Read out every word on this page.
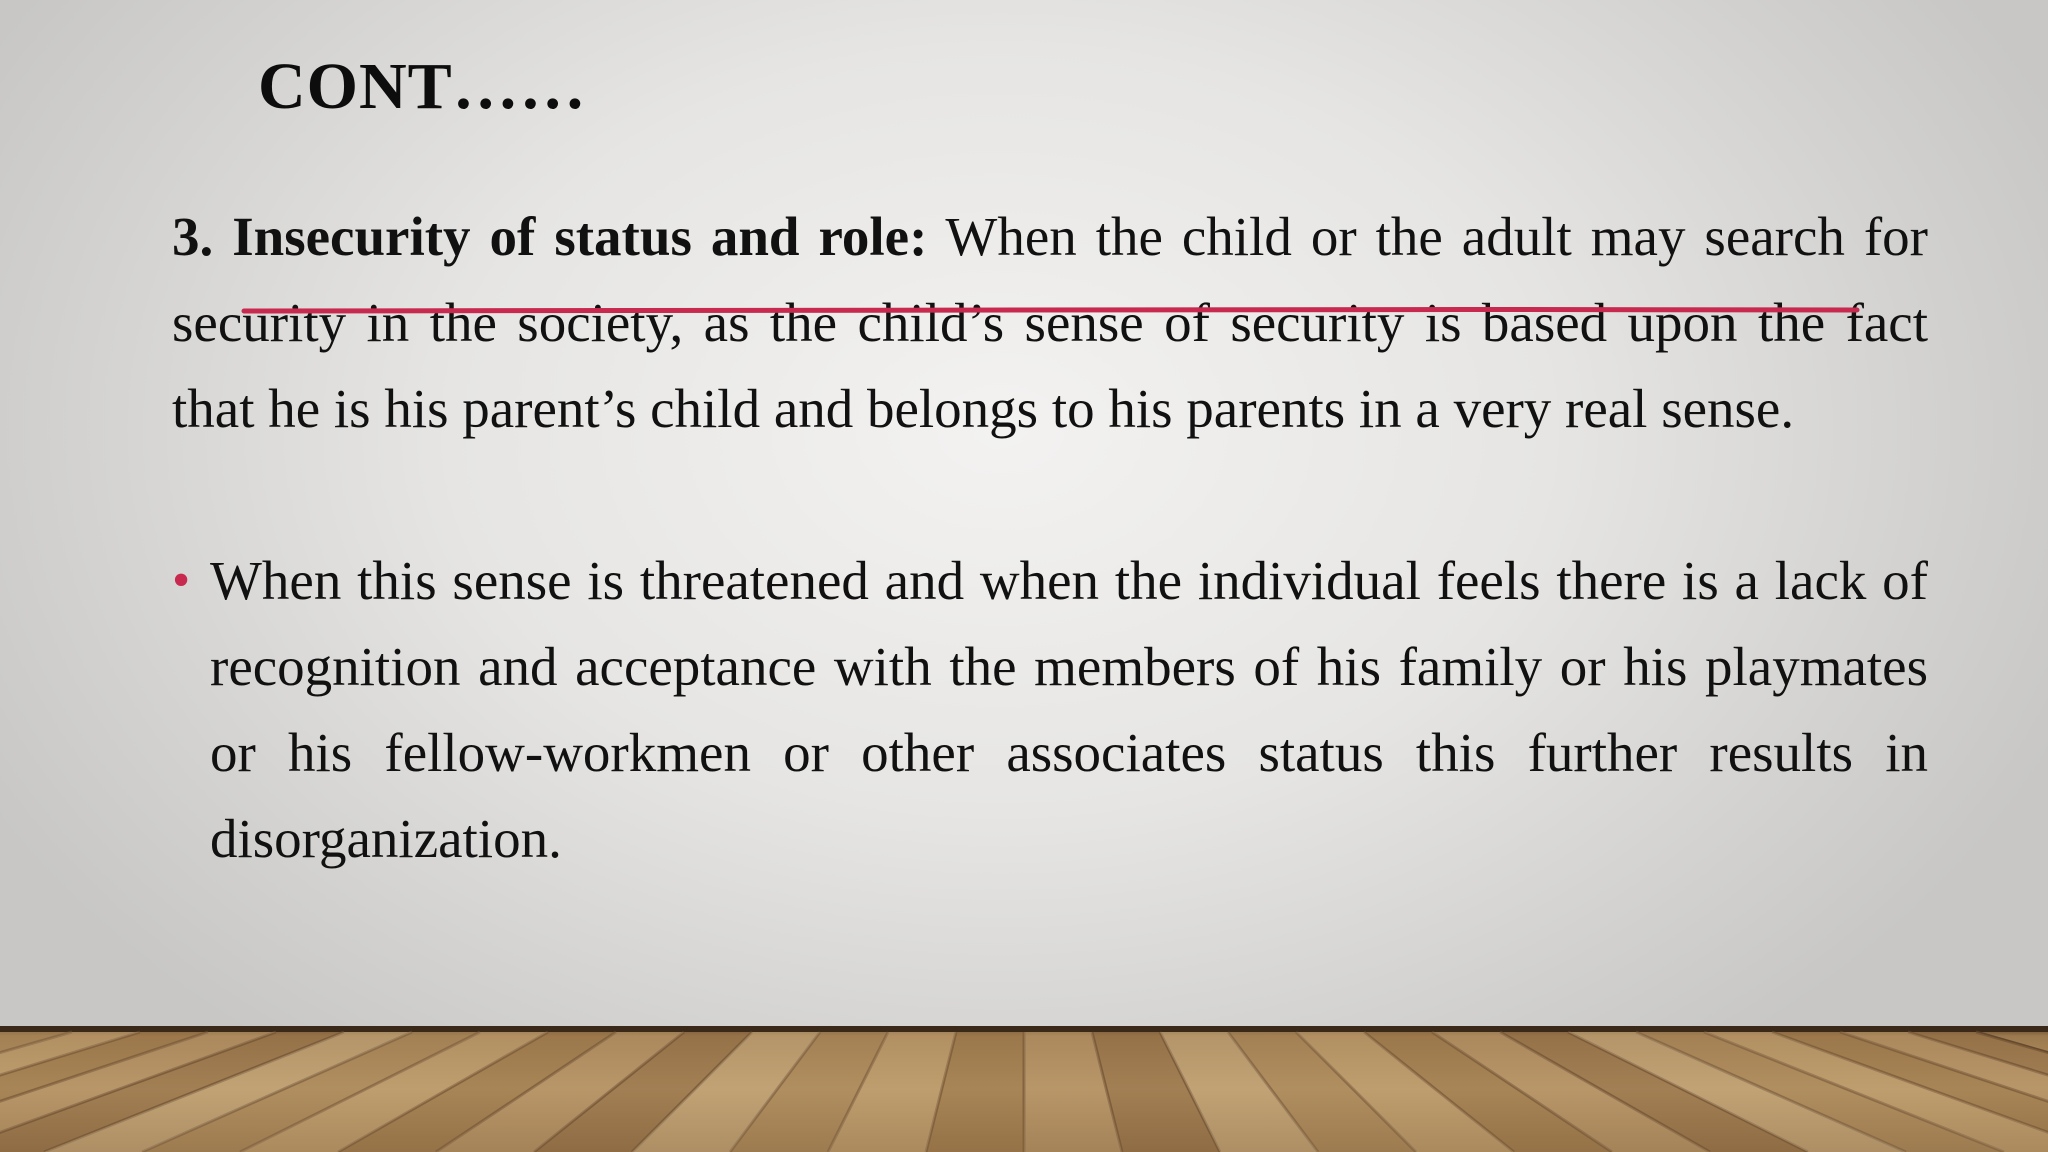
CONT……

3. Insecurity of status and role: When the child or the adult may search for security in the society, as the child’s sense of security is based upon the fact that he is his parent’s child and belongs to his parents in a very real sense.

• When this sense is threatened and when the individual feels there is a lack of recognition and acceptance with the members of his family or his playmates or his fellow-workmen or other associates status this further results in disorganization.
